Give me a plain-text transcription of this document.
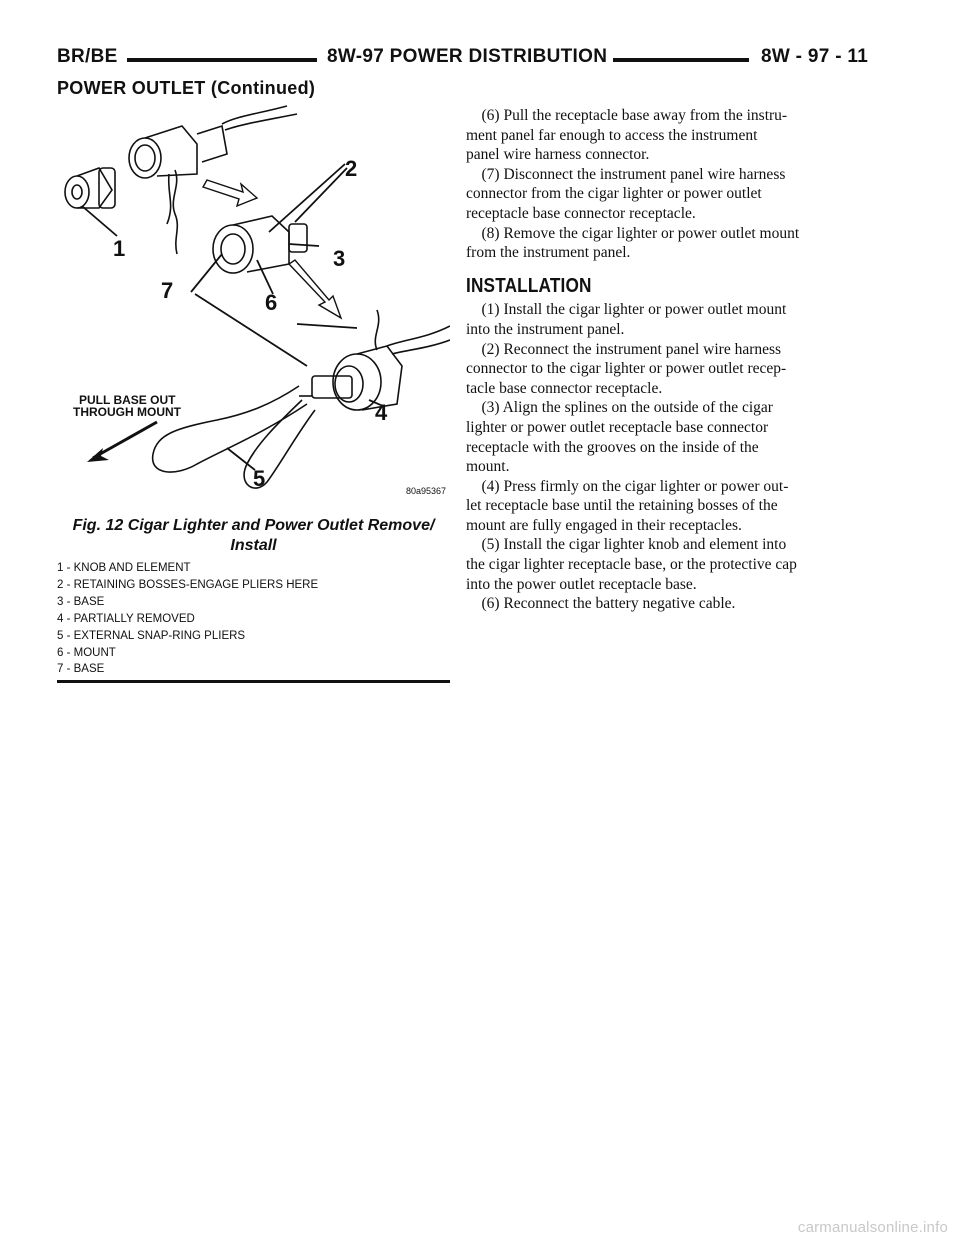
BR/BE	8W-97 POWER DISTRIBUTION	8W - 97 - 11
POWER OUTLET (Continued)
1
2
3
4
5
6
7
PULL BASE OUT
THROUGH MOUNT
80a95367
Fig. 12 Cigar Lighter and Power Outlet Remove/
Install
1 - KNOB AND ELEMENT
2 - RETAINING BOSSES-ENGAGE PLIERS HERE
3 - BASE
4 - PARTIALLY REMOVED
5 - EXTERNAL SNAP-RING PLIERS
6 - MOUNT
7 - BASE

(6) Pull the receptacle base away from the instru-

ment panel far enough to access the instrument

panel wire harness connector.

(7) Disconnect the instrument panel wire harness

connector from the cigar lighter or power outlet

receptacle base connector receptacle.

(8) Remove the cigar lighter or power outlet mount

from the instrument panel.

INSTALLATION

(1) Install the cigar lighter or power outlet mount

into the instrument panel.

(2) Reconnect the instrument panel wire harness

connector to the cigar lighter or power outlet recep-

tacle base connector receptacle.

(3) Align the splines on the outside of the cigar

lighter or power outlet receptacle base connector

receptacle with the grooves on the inside of the

mount.

(4) Press firmly on the cigar lighter or power out-

let receptacle base until the retaining bosses of the

mount are fully engaged in their receptacles.

(5) Install the cigar lighter knob and element into

the cigar lighter receptacle base, or the protective cap

into the power outlet receptacle base.

(6) Reconnect the battery negative cable.

carmanualsonline.info
